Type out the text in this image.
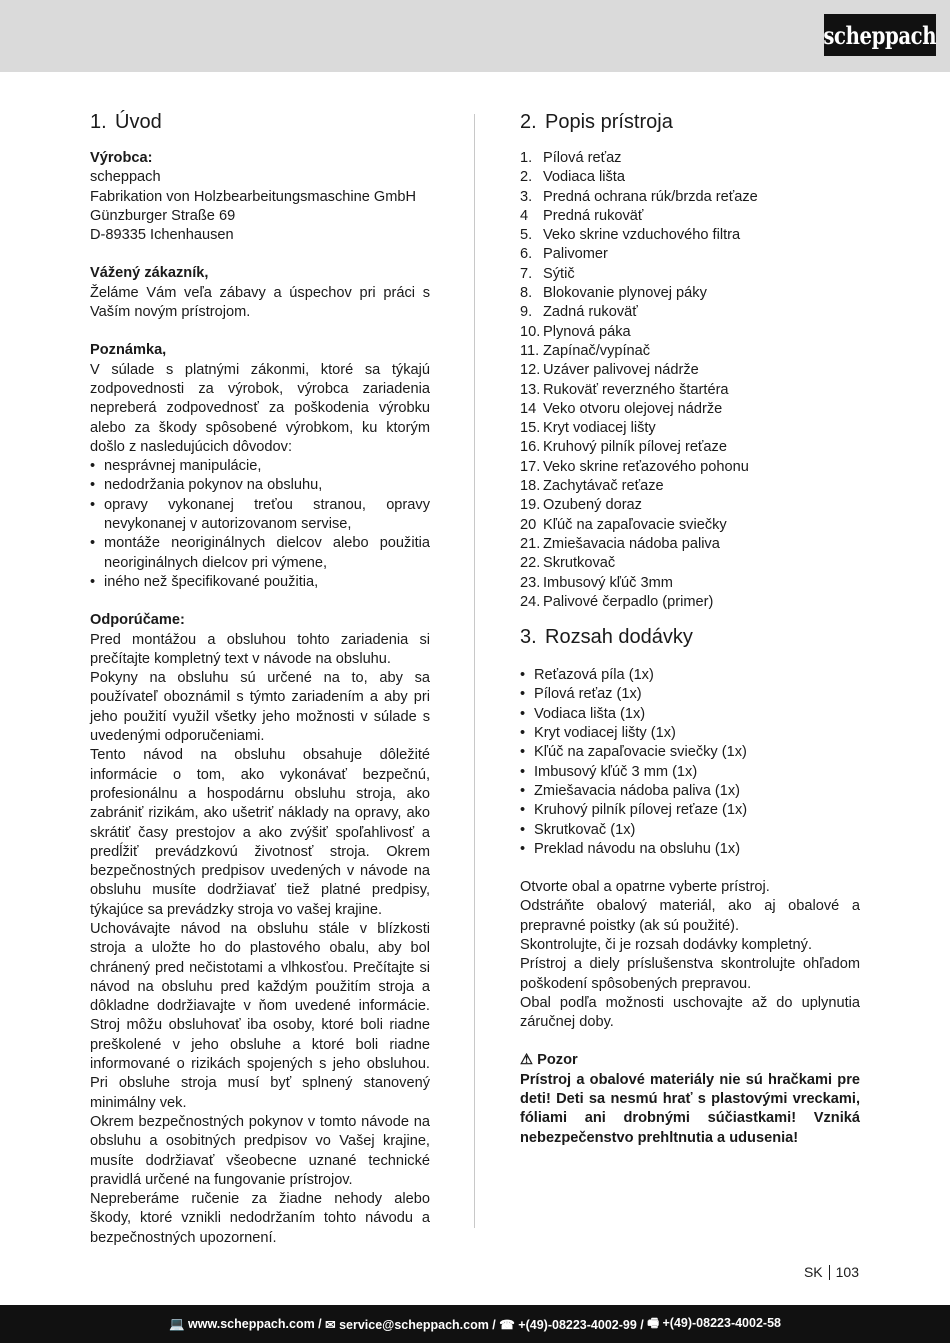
scheppach
1. Úvod

Výrobca:

scheppach

Fabrikation von Holzbearbeitungsmaschine GmbH

Günzburger Straße 69

D-89335 Ichenhausen

Vážený zákazník,

Želáme Vám veľa zábavy a úspechov pri práci s Vaším novým prístrojom.

Poznámka,

V súlade s platnými zákonmi, ktoré sa týkajú zodpovednosti za výrobok, výrobca zariadenia nepreberá zodpovednosť za poškodenia výrobku alebo za škody spôsobené výrobkom, ku ktorým došlo z nasledujúcich dôvodov:

• nesprávnej manipulácie,
• nedodržania pokynov na obsluhu,
• opravy vykonanej treťou stranou, opravy nevykonanej v autorizovanom servise,
• montáže neoriginálnych dielcov alebo použitia neoriginálnych dielcov pri výmene,
• iného než špecifikované použitia,

Odporúčame:

Pred montážou a obsluhou tohto zariadenia si prečítajte kompletný text v návode na obsluhu.

Pokyny na obsluhu sú určené na to, aby sa používateľ oboznámil s týmto zariadením a aby pri jeho použití využil všetky jeho možnosti v súlade s uvedenými odporučeniami.

Tento návod na obsluhu obsahuje dôležité informácie o tom, ako vykonávať bezpečnú, profesionálnu a hospodárnu obsluhu stroja, ako zabrániť rizikám, ako ušetriť náklady na opravy, ako skrátiť časy prestojov a ako zvýšiť spoľahlivosť a predĺžiť prevádzkovú životnosť stroja. Okrem bezpečnostných predpisov uvedených v návode na obsluhu musíte dodržiavať tiež platné predpisy, týkajúce sa prevádzky stroja vo vašej krajine.

Uchovávajte návod na obsluhu stále v blízkosti stroja a uložte ho do plastového obalu, aby bol chránený pred nečistotami a vlhkosťou. Prečítajte si návod na obsluhu pred každým použitím stroja a dôkladne dodržiavajte v ňom uvedené informácie. Stroj môžu obsluhovať iba osoby, ktoré boli riadne preškolené v jeho obsluhe a ktoré boli riadne informované o rizikách spojených s jeho obsluhou. Pri obsluhe stroja musí byť splnený stanovený minimálny vek.

Okrem bezpečnostných pokynov v tomto návode na obsluhu a osobitných predpisov vo Vašej krajine, musíte dodržiavať všeobecne uznané technické pravidlá určené na fungovanie prístrojov.

Nepreberáme ručenie za žiadne nehody alebo škody, ktoré vznikli nedodržaním tohto návodu a bezpečnostných upozornení.

2. Popis prístroja
1. Pílová reťaz
2. Vodiaca lišta
3. Predná ochrana rúk/brzda reťaze
4	Predná rukoväť
5. Veko skrine vzduchového filtra
6. Palivomer
7. Sýtič
8. Blokovanie plynovej páky
9. Zadná rukoväť
10. Plynová páka
11. Zapínač/vypínač
12. Uzáver palivovej nádrže
13. Rukoväť reverzného štartéra
14 Veko otvoru olejovej nádrže
15. Kryt vodiacej lišty
16. Kruhový pilník pílovej reťaze
17. Veko skrine reťazového pohonu
18. Zachytávač reťaze
19. Ozubený doraz
20 Kľúč na zapaľovacie sviečky
21. Zmiešavacia nádoba paliva
22. Skrutkovač
23. Imbusový kľúč 3mm
24. Palivové čerpadlo (primer)
3. Rozsah dodávky
• Reťazová píla (1x)
• Pílová reťaz (1x)
• Vodiaca lišta (1x)
• Kryt vodiacej lišty (1x)
• Kľúč na zapaľovacie sviečky (1x)
• Imbusový kľúč 3 mm (1x)
• Zmiešavacia nádoba paliva (1x)
• Kruhový pilník pílovej reťaze (1x)
• Skrutkovač (1x)
• Preklad návodu na obsluhu (1x)

Otvorte obal a opatrne vyberte prístroj.

Odstráňte obalový materiál, ako aj obalové a prepravné poistky (ak sú použité).

Skontrolujte, či je rozsah dodávky kompletný.

Prístroj a diely príslušenstva skontrolujte ohľadom poškodení spôsobených prepravou.

Obal podľa možnosti uschovajte až do uplynutia záručnej doby.

⚠ Pozor

Prístroj a obalové materiály nie sú hračkami pre deti! Deti sa nesmú hrať s plastovými vreckami, fóliami ani drobnými súčiastkami! Vzniká nebezpečenstvo prehltnutia a udusenia!

SK 103
💻 www.scheppach.com / ✉ service@scheppach.com / ☎ +(49)-08223-4002-99 / 🖷 +(49)-08223-4002-58
